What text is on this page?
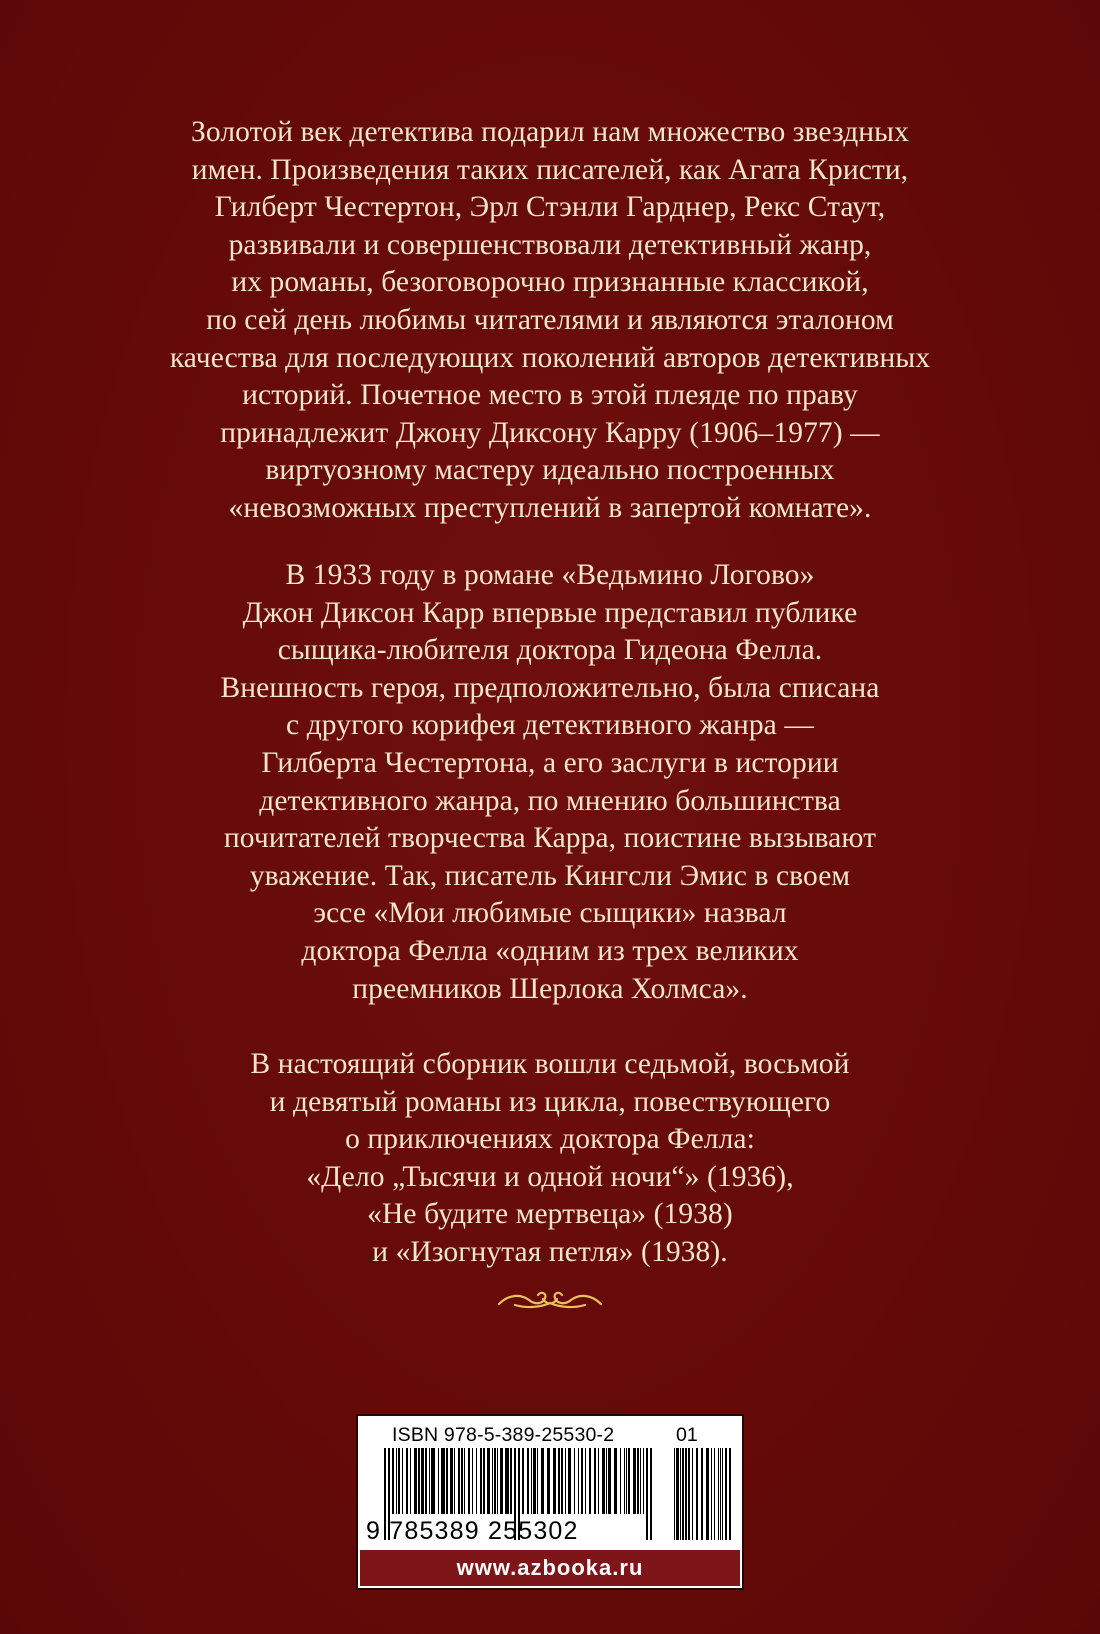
Золотой век детектива подарил нам множество звездных
имен. Произведения таких писателей, как Агата Кристи,
Гилберт Честертон, Эрл Стэнли Гарднер, Рекс Стаут,
развивали и совершенствовали детективный жанр,
их романы, безоговорочно признанные классикой,
по сей день любимы читателями и являются эталоном
качества для последующих поколений авторов детективных
историй. Почетное место в этой плеяде по праву
принадлежит Джону Диксону Карру (1906–1977) —
виртуозному мастеру идеально построенных
«невозможных преступлений в запертой комнате».
В 1933 году в романе «Ведьмино Логово»
Джон Диксон Карр впервые представил публике
сыщика-любителя доктора Гидеона Фелла.
Внешность героя, предположительно, была списана
с другого корифея детективного жанра —
Гилберта Честертона, а его заслуги в истории
детективного жанра, по мнению большинства
почитателей творчества Карра, поистине вызывают
уважение. Так, писатель Кингсли Эмис в своем
эссе «Мои любимые сыщики» назвал
доктора Фелла «одним из трех великих
преемников Шерлока Холмса».
В настоящий сборник вошли седьмой, восьмой
и девятый романы из цикла, повествующего
о приключениях доктора Фелла:
«Дело „Тысячи и одной ночи“» (1936),
«Не будите мертвеца» (1938)
и «Изогнутая петля» (1938).
ISBN 978-5-389-25530-2	01
9 785389 255302
www.azbooka.ru
